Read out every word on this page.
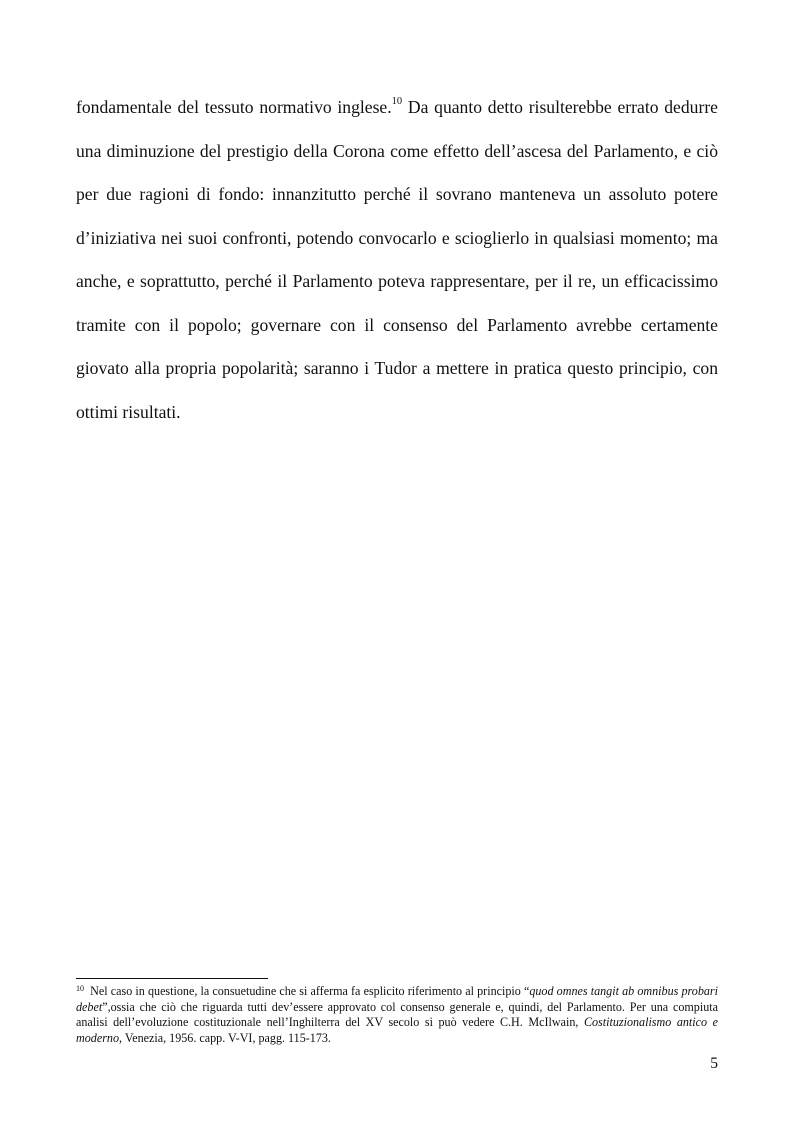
fondamentale del tessuto normativo inglese.$^{10}$ Da quanto detto risulterebbe errato dedurre una diminuzione del prestigio della Corona come effetto dell’ascesa del Parlamento, e ciò per due ragioni di fondo: innanzitutto perché il sovrano manteneva un assoluto potere d’iniziativa nei suoi confronti, potendo convocarlo e scioglierlo in qualsiasi momento; ma anche, e soprattutto, perché il Parlamento poteva rappresentare, per il re, un efficacissimo tramite con il popolo; governare con il consenso del Parlamento avrebbe certamente giovato alla propria popolarità; saranno i Tudor a mettere in pratica questo principio, con ottimi risultati.

$^{10}$ Nel caso in questione, la consuetudine che si afferma fa esplicito riferimento al principio “quod omnes tangit ab omnibus probari debet”,ossia che ciò che riguarda tutti dev’essere approvato col consenso generale e, quindi, del Parlamento. Per una compiuta analisi dell’evoluzione costituzionale nell’Inghilterra del XV secolo si può vedere C.H. McIlwain, Costituzionalismo antico e moderno, Venezia, 1956. capp. V-VI, pagg. 115-173.

5
